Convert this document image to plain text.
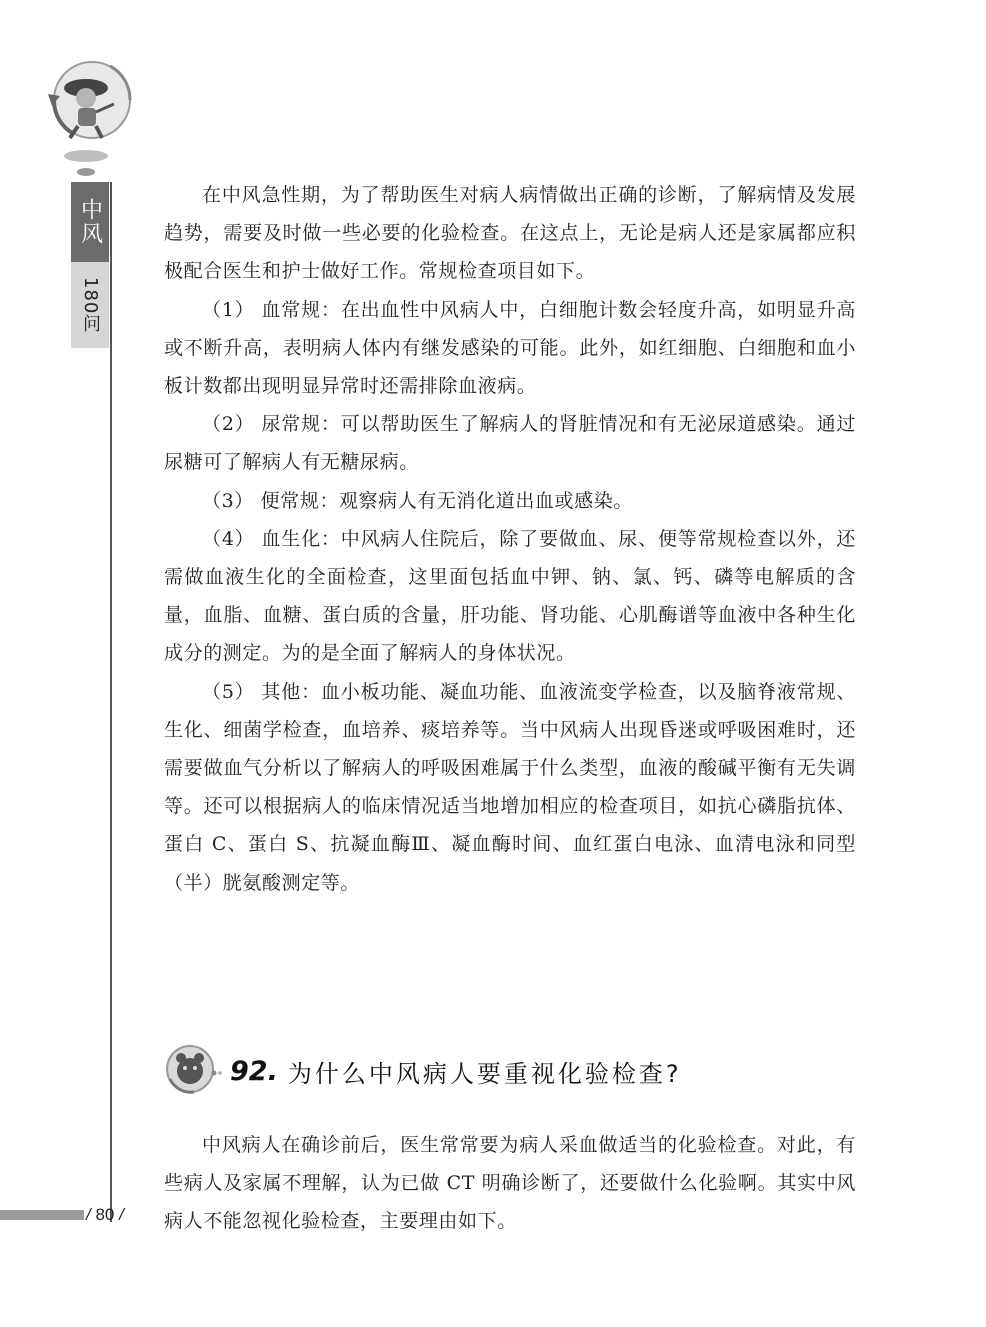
中风
180问
/ 80 /

在中风急性期，为了帮助医生对病人病情做出正确的诊断，了解病情及发展趋势，需要及时做一些必要的化验检查。在这点上，无论是病人还是家属都应积极配合医生和护士做好工作。常规检查项目如下。

（1） 血常规：在出血性中风病人中，白细胞计数会轻度升高，如明显升高或不断升高，表明病人体内有继发感染的可能。此外，如红细胞、白细胞和血小板计数都出现明显异常时还需排除血液病。

（2） 尿常规：可以帮助医生了解病人的肾脏情况和有无泌尿道感染。通过尿糖可了解病人有无糖尿病。

（3） 便常规：观察病人有无消化道出血或感染。

（4） 血生化：中风病人住院后，除了要做血、尿、便等常规检查以外，还需做血液生化的全面检查，这里面包括血中钾、钠、氯、钙、磷等电解质的含量，血脂、血糖、蛋白质的含量，肝功能、肾功能、心肌酶谱等血液中各种生化成分的测定。为的是全面了解病人的身体状况。

（5） 其他：血小板功能、凝血功能、血液流变学检查，以及脑脊液常规、生化、细菌学检查，血培养、痰培养等。当中风病人出现昏迷或呼吸困难时，还需要做血气分析以了解病人的呼吸困难属于什么类型，血液的酸碱平衡有无失调等。还可以根据病人的临床情况适当地增加相应的检查项目，如抗心磷脂抗体、蛋白 C、蛋白 S、抗凝血酶Ⅲ、凝血酶时间、血红蛋白电泳、血清电泳和同型（半）胱氨酸测定等。

92. 为什么中风病人要重视化验检查?

中风病人在确诊前后，医生常常要为病人采血做适当的化验检查。对此，有些病人及家属不理解，认为已做 CT 明确诊断了，还要做什么化验啊。其实中风病人不能忽视化验检查，主要理由如下。
